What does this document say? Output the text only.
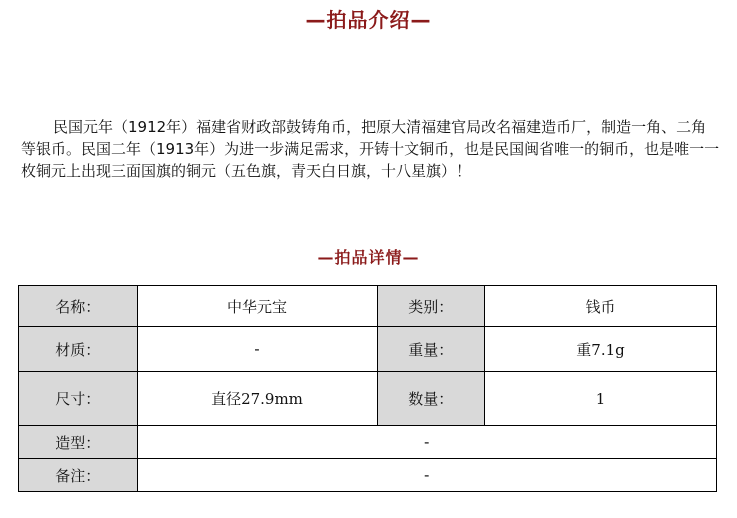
—拍品介绍—

民国元年（1912年）福建省财政部鼓铸角币，把原大清福建官局改名福建造币厂，制造一角、二角等银币。民国二年（1913年）为进一步满足需求，开铸十文铜币，也是民国闽省唯一的铜币，也是唯一一枚铜元上出现三面国旗的铜元（五色旗，青天白日旗，十八星旗）！

—拍品详情—
名称：	中华元宝	类别：	钱币
材质：	-	重量：	重7.1g
尺寸：	直径27.9mm	数量：	1
造型：	-		
备注：	-		
